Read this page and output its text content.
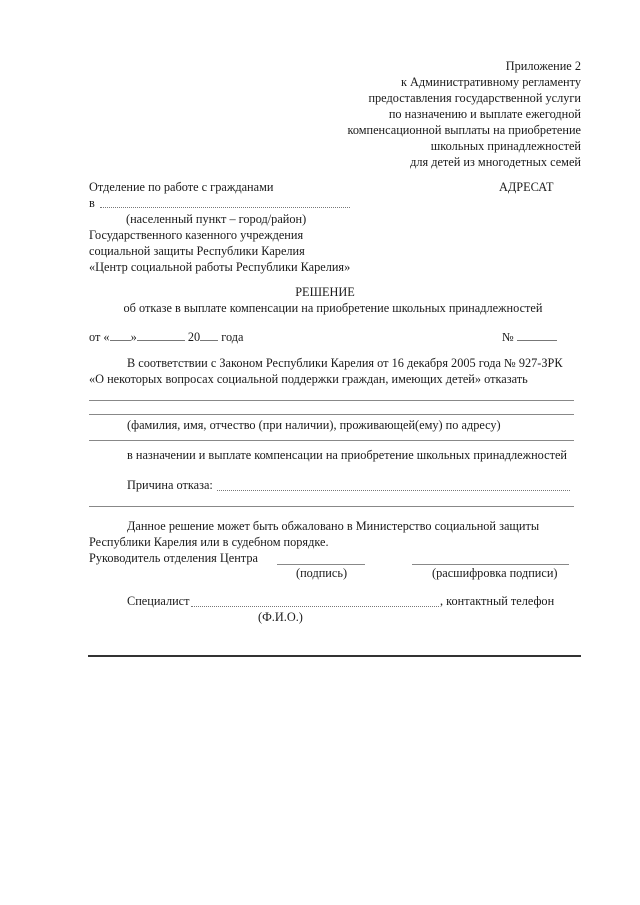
Приложение 2
к Административному регламенту
предоставления государственной услуги
по назначению и выплате ежегодной
компенсационной выплаты на приобретение
школьных принадлежностей
для детей из многодетных семей
Отделение по работе с гражданами	АДРЕСАТ
в
(населенный пункт – город/район)
Государственного казенного учреждения
социальной защиты Республики Карелия
«Центр социальной работы Республики Карелия»
РЕШЕНИЕ
об отказе в выплате компенсации на приобретение школьных принадлежностей
от « »	20 года	№
В соответствии с Законом Республики Карелия от 16 декабря 2005 года № 927-ЗРК
«О некоторых вопросах социальной поддержки граждан, имеющих детей» отказать
(фамилия, имя, отчество (при наличии), проживающей(ему) по адресу)
в назначении и выплате компенсации на приобретение школьных принадлежностей
Причина отказа:
Данное решение может быть обжаловано в Министерство социальной защиты
Республики Карелия или в судебном порядке.
Руководитель отделения Центра
(подпись)	(расшифровка подписи)
Специалист	, контактный телефон
(Ф.И.О.)
